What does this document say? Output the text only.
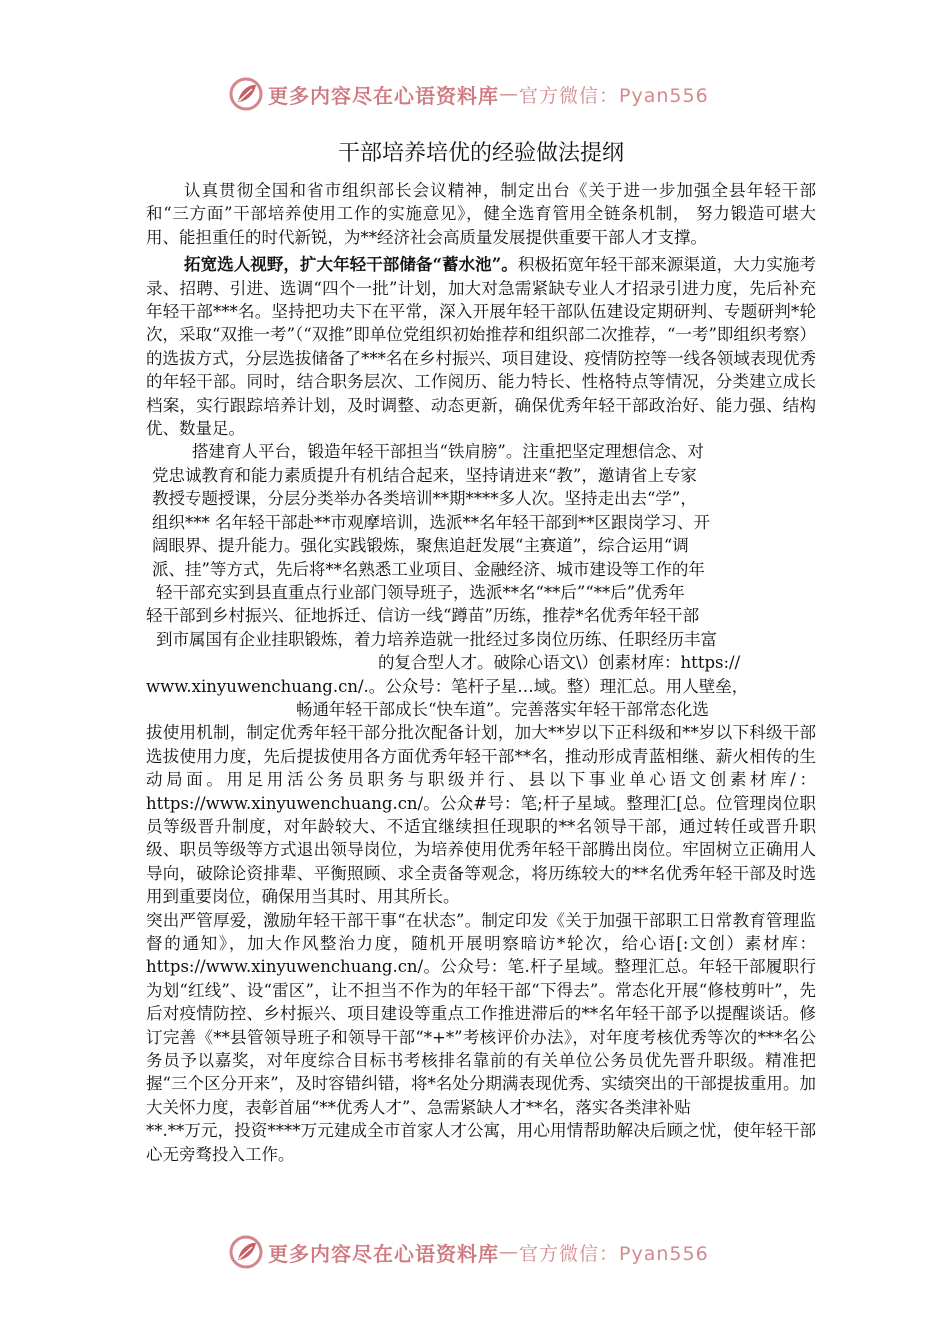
更多内容尽在心语资料库 — 官方微信：Pyan556
干部培养培优的经验做法提纲

认真贯彻全国和省市组织部长会议精神，制定出台《关于进一步加强全县年轻干部和“三方面”干部培养使用工作的实施意见》，健全选育管用全链条机制， 努力锻造可堪大用、能担重任的时代新锐，为**经济社会高质量发展提供重要干部人才支撑。

拓宽选人视野，扩大年轻干部储备“蓄水池”。积极拓宽年轻干部来源渠道，大力实施考录、招聘、引进、选调“四个一批”计划，加大对急需紧缺专业人才招录引进力度，先后补充年轻干部***名。坚持把功夫下在平常，深入开展年轻干部队伍建设定期研判、专题研判*轮次，采取“双推一考”（“双推”即单位党组织初始推荐和组织部二次推荐，“一考”即组织考察）的选拔方式，分层选拔储备了***名在乡村振兴、项目建设、疫情防控等一线各领域表现优秀的年轻干部。同时，结合职务层次、工作阅历、能力特长、性格特点等情况，分类建立成长档案，实行跟踪培养计划，及时调整、动态更新，确保优秀年轻干部政治好、能力强、结构优、数量足。

搭建育人平台，锻造年轻干部担当“铁肩膀”。注重把坚定理想信念、对

党忠诚教育和能力素质提升有机结合起来，坚持请进来“教”，邀请省上专家

教授专题授课，分层分类举办各类培训**期****多人次。坚持走出去“学”，

组织*** 名年轻干部赴**市观摩培训，选派**名年轻干部到**区跟岗学习、开

阔眼界、提升能力。强化实践锻炼，聚焦追赶发展“主赛道”，综合运用“调

派、挂”等方式，先后将**名熟悉工业项目、金融经济、城市建设等工作的年

轻干部充实到县直重点行业部门领导班子，选派**名“**后”“**后”优秀年

轻干部到乡村振兴、征地拆迁、信访一线“蹲苗”历练，推荐*名优秀年轻干部

到市属国有企业挂职锻炼，着力培养造就一批经过多岗位历练、任职经历丰富

的复合型人才。破除心语文\）创素材库：https://

www.xinyuwenchuang.cn/.。公众号：笔杆子星…域。整）理汇总。用人壁垒，

畅通年轻干部成长“快车道”。完善落实年轻干部常态化选

拔使用机制，制定优秀年轻干部分批次配备计划，加大**岁以下正科级和**岁以下科级干部选拔使用力度，先后提拔使用各方面优秀年轻干部**名，推动形成青蓝相继、薪火相传的生动局面。用足用活公务员职务与职级并行、县以下事业单心语文创素材库/：https://www.xinyuwenchuang.cn/。公众#号：笔;杆子星域。整理汇[总。位管理岗位职员等级晋升制度，对年龄较大、不适宜继续担任现职的**名领导干部，通过转任或晋升职级、职员等级等方式退出领导岗位，为培养使用优秀年轻干部腾出岗位。牢固树立正确用人导向，破除论资排辈、平衡照顾、求全责备等观念，将历练较大的**名优秀年轻干部及时选用到重要岗位，确保用当其时、用其所长。

突出严管厚爱，激励年轻干部干事“在状态”。制定印发《关于加强干部职工日常教育管理监督的通知》，加大作风整治力度，随机开展明察暗访*轮次，给心语[:文创）素材库：https://www.xinyuwenchuang.cn/。公众号：笔.杆子星域。整理汇总。年轻干部履职行为划“红线”、设“雷区”，让不担当不作为的年轻干部“下得去”。常态化开展“修枝剪叶”，先后对疫情防控、乡村振兴、项目建设等重点工作推进滞后的**名年轻干部予以提醒谈话。修订完善《**县管领导班子和领导干部“*+*”考核评价办法》，对年度考核优秀等次的***名公务员予以嘉奖，对年度综合目标书考核排名靠前的有关单位公务员优先晋升职级。精准把握“三个区分开来”，及时容错纠错，将*名处分期满表现优秀、实绩突出的干部提拔重用。加大关怀力度，表彰首届“**优秀人才”、急需紧缺人才**名，落实各类津补贴

**.**万元，投资****万元建成全市首家人才公寓，用心用情帮助解决后顾之忧，使年轻干部心无旁骛投入工作。

更多内容尽在心语资料库 — 官方微信：Pyan556
